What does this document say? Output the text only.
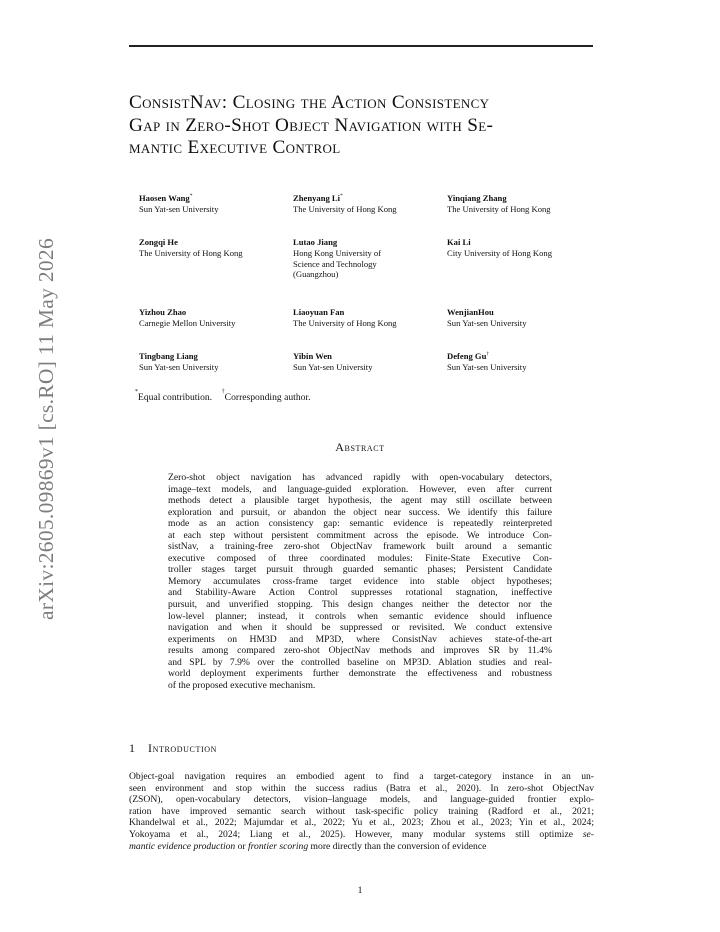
arXiv:2605.09869v1 [cs.RO] 11 May 2026
ConsistNav: Closing the Action Consistency
Gap in Zero-Shot Object Navigation with Se-
mantic Executive Control
Haosen Wang*
Sun Yat-sen University
Zhenyang Li*
The University of Hong Kong
Yinqiang Zhang
The University of Hong Kong
Zongqi He
The University of Hong Kong
Lutao Jiang
Hong Kong University of
Science and Technology
(Guangzhou)
Kai Li
City University of Hong Kong
Yizhou Zhao
Carnegie Mellon University
Liaoyuan Fan
The University of Hong Kong
WenjianHou
Sun Yat-sen University
Tingbang Liang
Sun Yat-sen University
Yibin Wen
Sun Yat-sen University
Defeng Gu†
Sun Yat-sen University
*Equal contribution. †Corresponding author.
Abstract
Zero-shot object navigation has advanced rapidly with open-vocabulary detectors,
image–text models, and language-guided exploration. However, even after current
methods detect a plausible target hypothesis, the agent may still oscillate between
exploration and pursuit, or abandon the object near success. We identify this failure
mode as an action consistency gap: semantic evidence is repeatedly reinterpreted
at each step without persistent commitment across the episode. We introduce Con-
sistNav, a training-free zero-shot ObjectNav framework built around a semantic
executive composed of three coordinated modules: Finite-State Executive Con-
troller stages target pursuit through guarded semantic phases; Persistent Candidate
Memory accumulates cross-frame target evidence into stable object hypotheses;
and Stability-Aware Action Control suppresses rotational stagnation, ineffective
pursuit, and unverified stopping. This design changes neither the detector nor the
low-level planner; instead, it controls when semantic evidence should influence
navigation and when it should be suppressed or revisited. We conduct extensive
experiments on HM3D and MP3D, where ConsistNav achieves state-of-the-art
results among compared zero-shot ObjectNav methods and improves SR by 11.4%
and SPL by 7.9% over the controlled baseline on MP3D. Ablation studies and real-
world deployment experiments further demonstrate the effectiveness and robustness
of the proposed executive mechanism.
1 Introduction
Object-goal navigation requires an embodied agent to find a target-category instance in an un-
seen environment and stop within the success radius (Batra et al., 2020). In zero-shot ObjectNav
(ZSON), open-vocabulary detectors, vision–language models, and language-guided frontier explo-
ration have improved semantic search without task-specific policy training (Radford et al., 2021;
Khandelwal et al., 2022; Majumdar et al., 2022; Yu et al., 2023; Zhou et al., 2023; Yin et al., 2024;
Yokoyama et al., 2024; Liang et al., 2025). However, many modular systems still optimize se-
mantic evidence production or frontier scoring more directly than the conversion of evidence
1
